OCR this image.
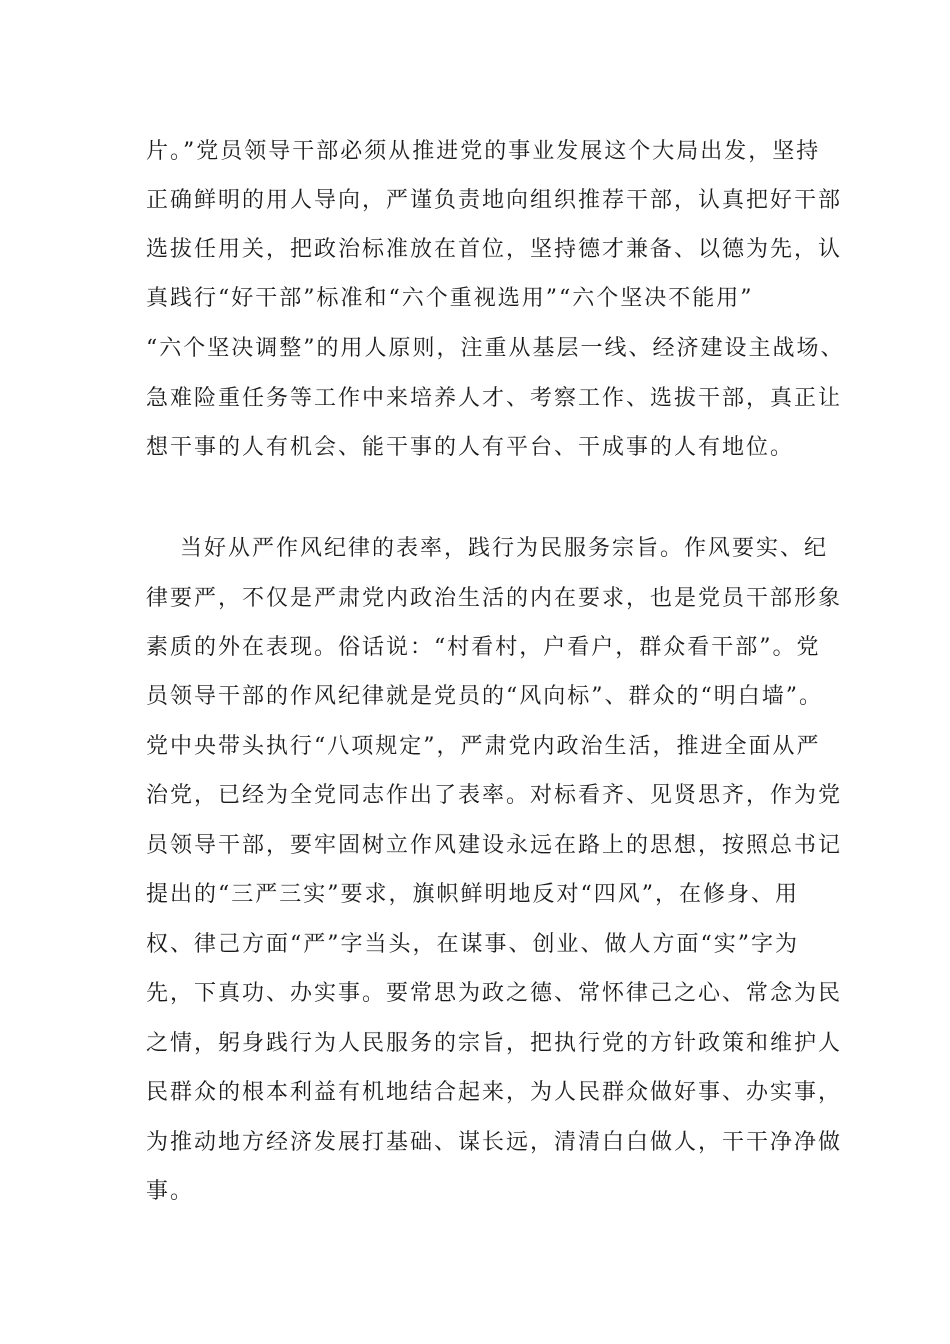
片。”党员领导干部必须从推进党的事业发展这个大局出发，坚持
正确鲜明的用人导向，严谨负责地向组织推荐干部，认真把好干部
选拔任用关，把政治标准放在首位，坚持德才兼备、以德为先，认
真践行“好干部”标准和“六个重视选用”“六个坚决不能用”
“六个坚决调整”的用人原则，注重从基层一线、经济建设主战场、
急难险重任务等工作中来培养人才、考察工作、选拔干部，真正让
想干事的人有机会、能干事的人有平台、干成事的人有地位。
当好从严作风纪律的表率，践行为民服务宗旨。作风要实、纪
律要严，不仅是严肃党内政治生活的内在要求，也是党员干部形象
素质的外在表现。俗话说：“村看村，户看户，群众看干部”。党
员领导干部的作风纪律就是党员的“风向标”、群众的“明白墙”。
党中央带头执行“八项规定”，严肃党内政治生活，推进全面从严
治党，已经为全党同志作出了表率。对标看齐、见贤思齐，作为党
员领导干部，要牢固树立作风建设永远在路上的思想，按照总书记
提出的“三严三实”要求，旗帜鲜明地反对“四风”，在修身、用
权、律己方面“严”字当头，在谋事、创业、做人方面“实”字为
先，下真功、办实事。要常思为政之德、常怀律己之心、常念为民
之情，躬身践行为人民服务的宗旨，把执行党的方针政策和维护人
民群众的根本利益有机地结合起来，为人民群众做好事、办实事，
为推动地方经济发展打基础、谋长远，清清白白做人，干干净净做
事。
